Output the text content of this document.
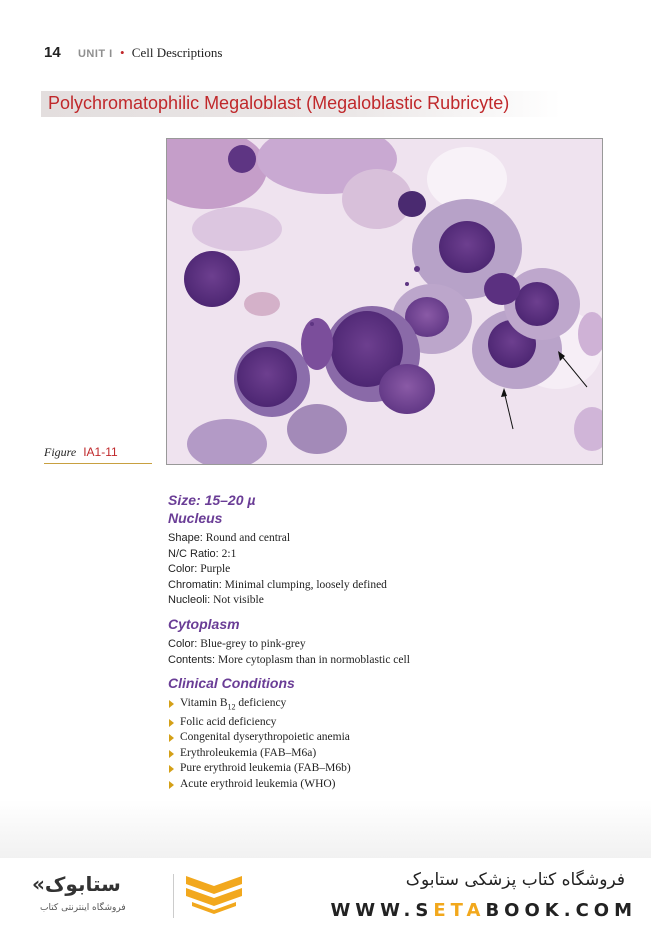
14 UNIT I • Cell Descriptions
Polychromatophilic Megaloblast (Megaloblastic Rubricyte)
Figure IA1-11
Size: 15–20 µ
Nucleus
Shape: Round and central
N/C Ratio: 2:1
Color: Purple
Chromatin: Minimal clumping, loosely defined
Nucleoli: Not visible
Cytoplasm
Color: Blue-grey to pink-grey
Contents: More cytoplasm than in normoblastic cell
Clinical Conditions
Vitamin $B_{12}$ deficiency
Folic acid deficiency
Congenital dyserythropoietic anemia
Erythroleukemia (FAB–M6a)
Pure erythroid leukemia (FAB–M6b)
Acute erythroid leukemia (WHO)
«ستابوک
فروشگاه اینترنتی کتاب
فروشگاه کتاب پزشکی ستابوک
WWW.SETABOOK.COM
